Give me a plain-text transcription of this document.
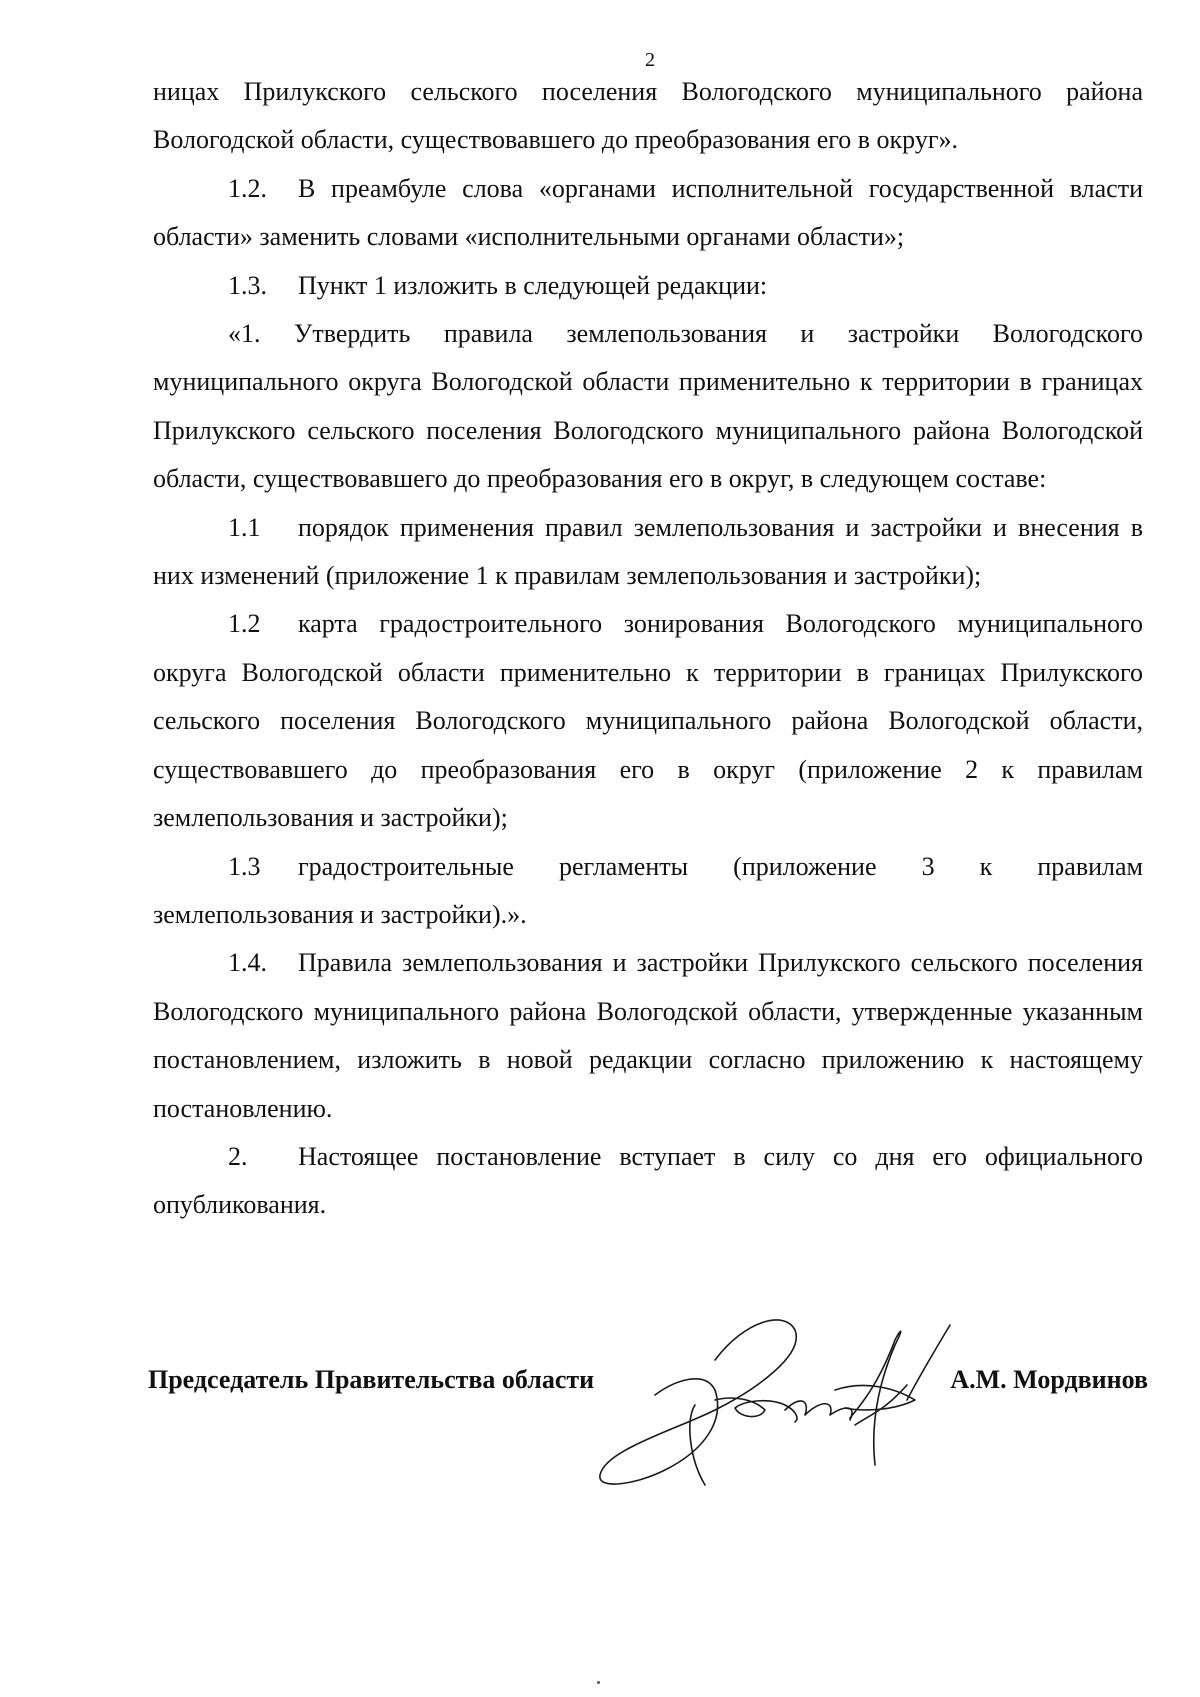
2

ницах Прилукского сельского поселения Вологодского муниципального района Вологодской области, существовавшего до преобразования его в округ».

1.2. В преамбуле слова «органами исполнительной государственной власти области» заменить словами «исполнительными органами области»;

1.3. Пункт 1 изложить в следующей редакции:

«1. Утвердить правила землепользования и застройки Вологодского муниципального округа Вологодской области применительно к территории в границах Прилукского сельского поселения Вологодского муниципального района Вологодской области, существовавшего до преобразования его в округ, в следующем составе:

1.1 порядок применения правил землепользования и застройки и внесения в них изменений (приложение 1 к правилам землепользования и застройки);

1.2 карта градостроительного зонирования Вологодского муниципального округа Вологодской области применительно к территории в границах Прилукского сельского поселения Вологодского муниципального района Вологодской области, существовавшего до преобразования его в округ (приложение 2 к правилам землепользования и застройки);

1.3 градостроительные регламенты (приложение 3 к правилам землепользования и застройки).».

1.4. Правила землепользования и застройки Прилукского сельского поселения Вологодского муниципального района Вологодской области, утвержденные указанным постановлением, изложить в новой редакции согласно приложению к настоящему постановлению.

2. Настоящее постановление вступает в силу со дня его официального опубликования.

Председатель Правительства области	А.М. Мордвинов
